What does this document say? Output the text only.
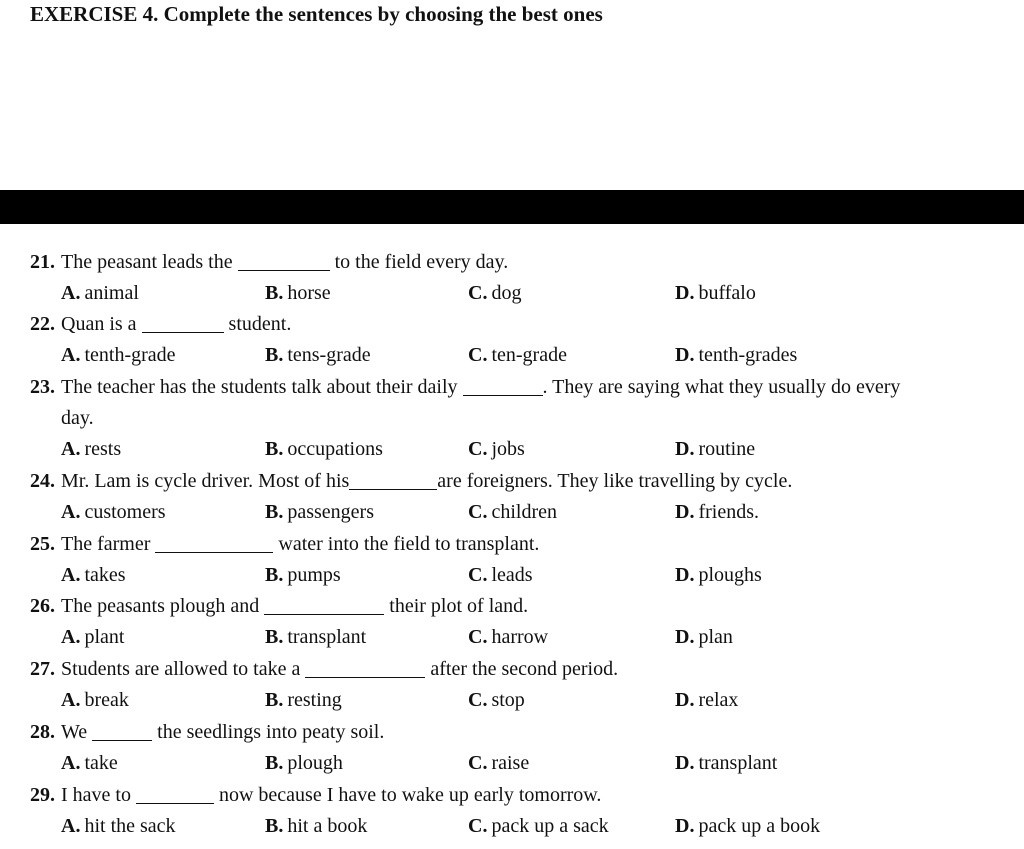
EXERCISE 4. Complete the sentences by choosing the best ones
21. The peasant leads the	to the field every day.
A. animal	B. horse	C. dog	D. buffalo
22. Quan is a	student.
A. tenth-grade	B. tens-grade	C. ten-grade	D. tenth-grades
23. The teacher has the students talk about their daily	. They are saying what they usually do every
day.
A. rests	B. occupations	C. jobs	D. routine
24. Mr. Lam is cycle driver. Most of his	are foreigners. They like travelling by cycle.
A. customers	B. passengers	C. children	D. friends.
25. The farmer	water into the field to transplant.
A. takes	B. pumps	C. leads	D. ploughs
26. The peasants plough and	their plot of land.
A. plant	B. transplant	C. harrow	D. plan
27. Students are allowed to take a	after the second period.
A. break	B. resting	C. stop	D. relax
28. We	the seedlings into peaty soil.
A. take	B. plough	C. raise	D. transplant
29. I have to	now because I have to wake up early tomorrow.
A. hit the sack	B. hit a book	C. pack up a sack	D. pack up a book
